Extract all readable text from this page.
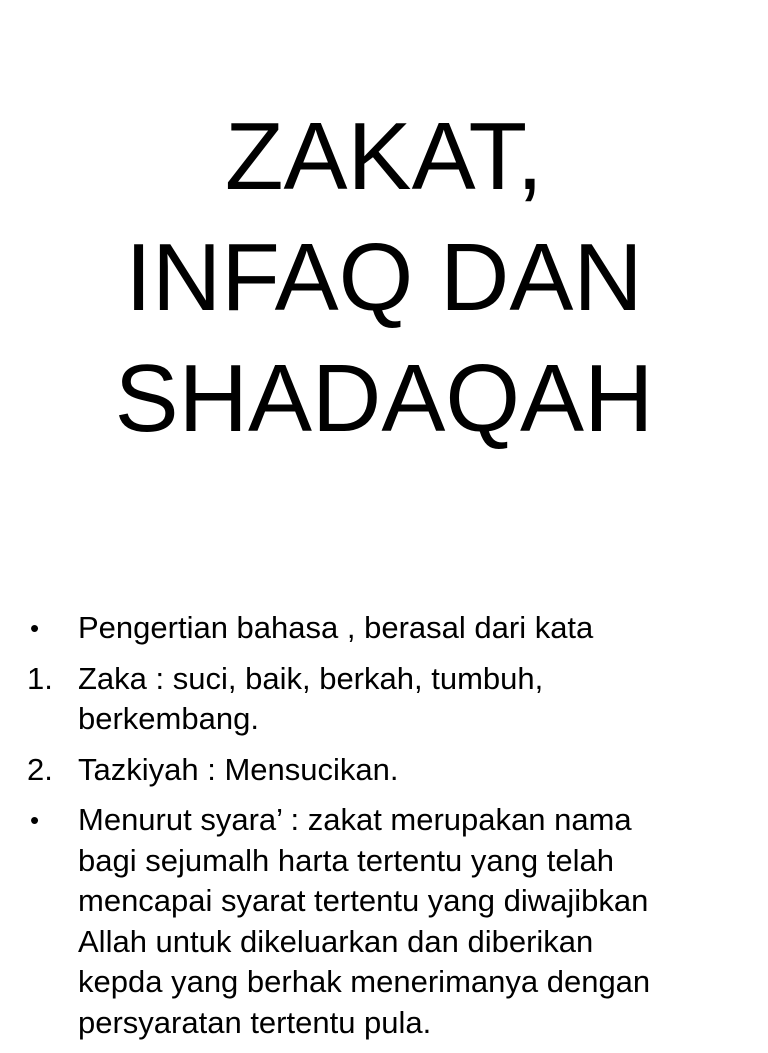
ZAKAT,
INFAQ DAN
SHADAQAH
• Pengertian bahasa , berasal dari kata
1. Zaka : suci, baik, berkah, tumbuh,
berkembang.
2. Tazkiyah : Mensucikan.
• Menurut syara’ : zakat merupakan nama
bagi sejumalh harta tertentu yang telah
mencapai syarat tertentu yang diwajibkan
Allah untuk dikeluarkan dan diberikan
kepda yang berhak menerimanya dengan
persyaratan tertentu pula.
